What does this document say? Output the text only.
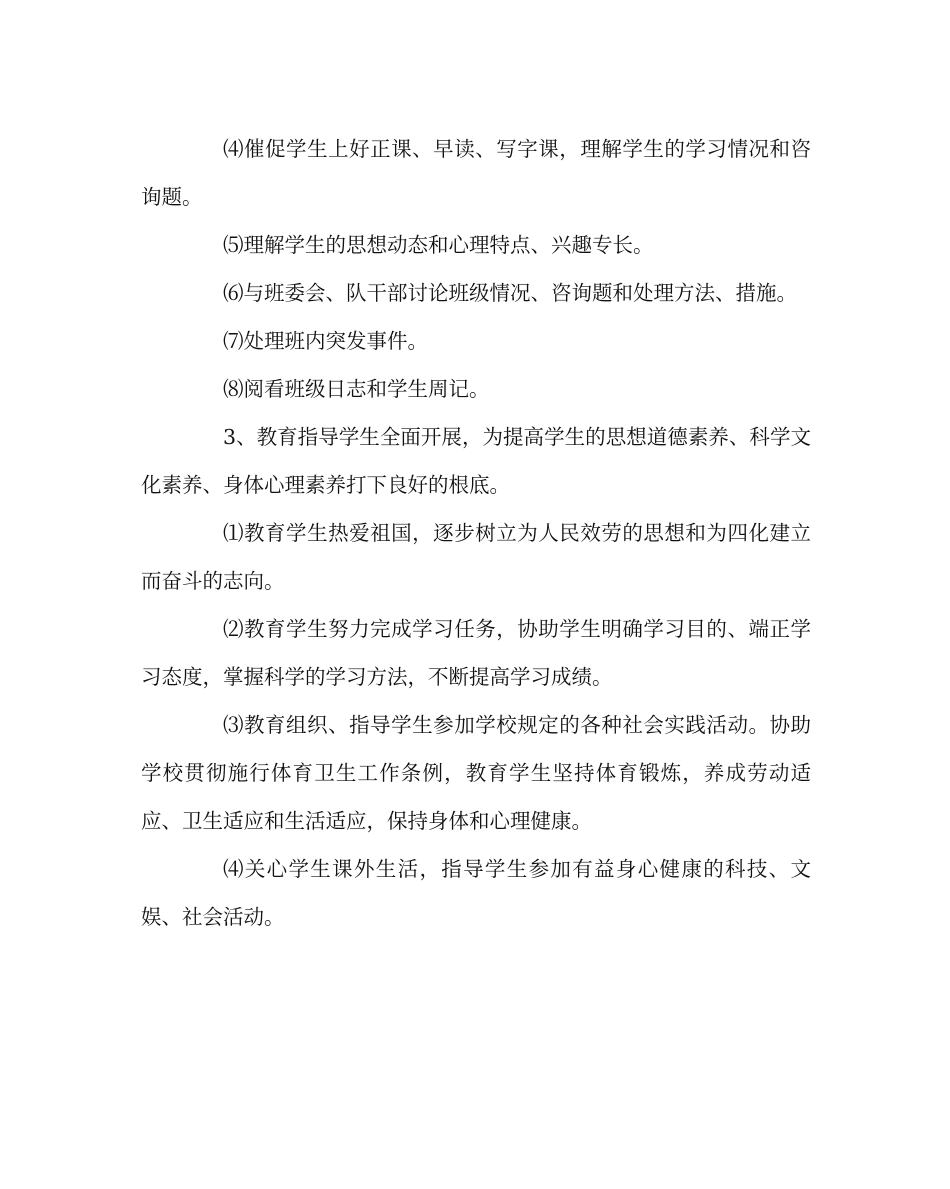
⑷催促学生上好正课、早读、写字课，理解学生的学习情况和咨询题。

⑸理解学生的思想动态和心理特点、兴趣专长。

⑹与班委会、队干部讨论班级情况、咨询题和处理方法、措施。

⑺处理班内突发事件。

⑻阅看班级日志和学生周记。

3、教育指导学生全面开展，为提高学生的思想道德素养、科学文化素养、身体心理素养打下良好的根底。

⑴教育学生热爱祖国，逐步树立为人民效劳的思想和为四化建立而奋斗的志向。

⑵教育学生努力完成学习任务，协助学生明确学习目的、端正学习态度，掌握科学的学习方法，不断提高学习成绩。

⑶教育组织、指导学生参加学校规定的各种社会实践活动。协助学校贯彻施行体育卫生工作条例，教育学生坚持体育锻炼，养成劳动适应、卫生适应和生活适应，保持身体和心理健康。

⑷关心学生课外生活，指导学生参加有益身心健康的科技、文娱、社会活动。
